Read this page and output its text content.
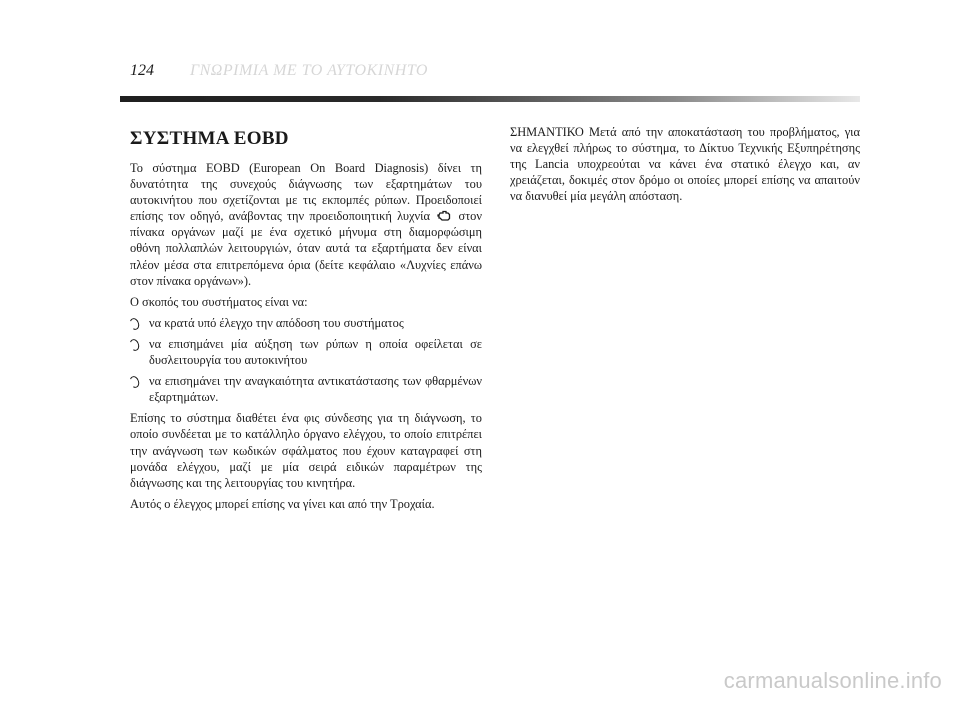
124 ΓΝΩΡΙΜΙΑ ΜΕ ΤΟ ΑΥΤΟΚΙΝΗΤΟ
ΣΥΣΤΗΜΑ EOBD

Το σύστημα EOBD (European On Board Diagnosis) δίνει τη δυνατότητα της συνεχούς διάγνωσης των εξαρτημάτων του αυτοκινήτου που σχετίζονται με τις εκπομπές ρύπων. Προειδοποιεί επίσης τον οδηγό, ανάβοντας την προειδοποιητική λυχνία στον πίνακα οργάνων μαζί με ένα σχετικό μήνυμα στη διαμορφώσιμη οθόνη πολλαπλών λειτουργιών, όταν αυτά τα εξαρτήματα δεν είναι πλέον μέσα στα επιτρεπόμενα όρια (δείτε κεφάλαιο «Λυχνίες επάνω στον πίνακα οργάνων»).

Ο σκοπός του συστήματος είναι να:

να κρατά υπό έλεγχο την απόδοση του συστήματος
να επισημάνει μία αύξηση των ρύπων η οποία οφείλεται σε δυσλειτουργία του αυτοκινήτου
να επισημάνει την αναγκαιότητα αντικατάστασης των φθαρμένων εξαρτημάτων.

Επίσης το σύστημα διαθέτει ένα φις σύνδεσης για τη διάγνωση, το οποίο συνδέεται με το κατάλληλο όργανο ελέγχου, το οποίο επιτρέπει την ανάγνωση των κωδικών σφάλματος που έχουν καταγραφεί στη μονάδα ελέγχου, μαζί με μία σειρά ειδικών παραμέτρων της διάγνωσης και της λειτουργίας του κινητήρα.

Αυτός ο έλεγχος μπορεί επίσης να γίνει και από την Τροχαία.

ΣΗΜΑΝΤΙΚΟ Μετά από την αποκατάσταση του προβλήματος, για να ελεγχθεί πλήρως το σύστημα, το Δίκτυο Τεχνικής Εξυπηρέτησης της Lancia υποχρεούται να κάνει ένα στατικό έλεγχο και, αν χρειάζεται, δοκιμές στον δρόμο οι οποίες μπορεί επίσης να απαιτούν να διανυθεί μία μεγάλη απόσταση.

carmanualsonline.info
